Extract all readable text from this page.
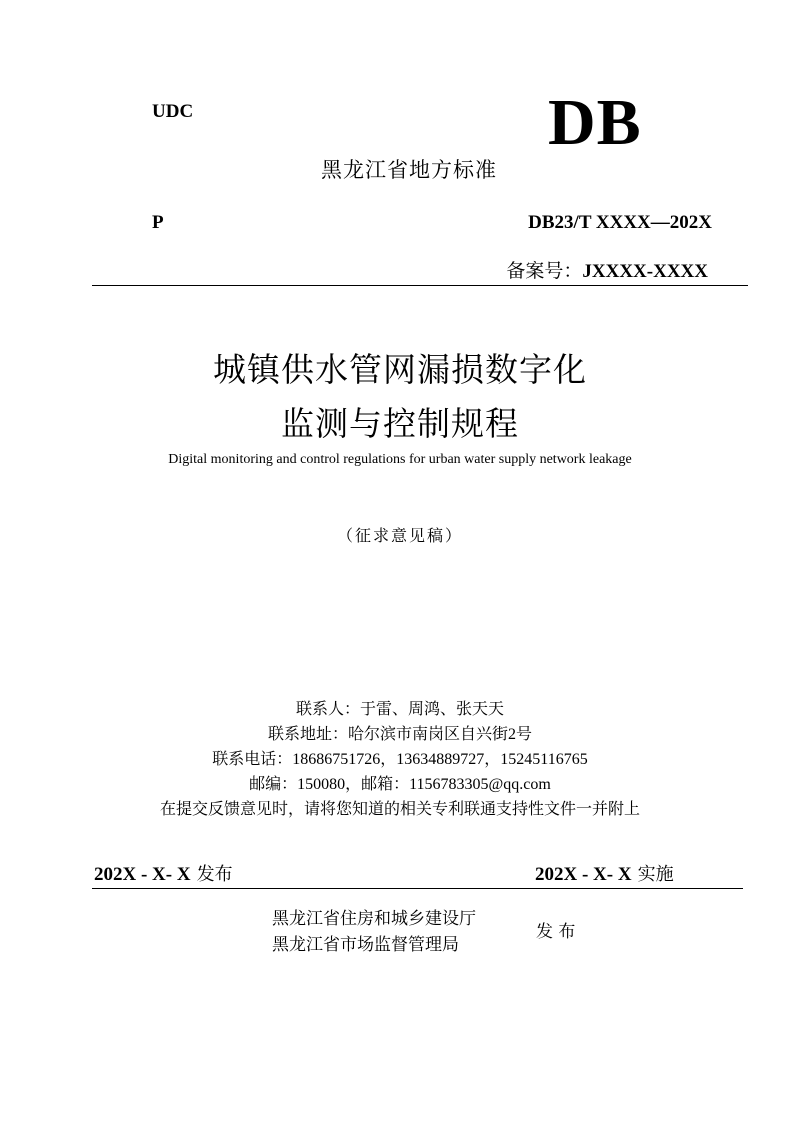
UDC	DB
黑龙江省地方标准
P	DB23/T XXXX—202X
备案号：JXXXX-XXXX
城镇供水管网漏损数字化
监测与控制规程
Digital monitoring and control regulations for urban water supply network leakage
（征求意见稿）
联系人：于雷、周鸿、张天天
联系地址：哈尔滨市南岗区自兴街2号
联系电话：18686751726，13634889727，15245116765
邮编：150080，邮箱：1156783305@qq.com
在提交反馈意见时，请将您知道的相关专利联通支持性文件一并附上
202X - X- X 发布	202X - X- X 实施
黑龙江省住房和城乡建设厅
黑龙江省市场监督管理局
发 布
